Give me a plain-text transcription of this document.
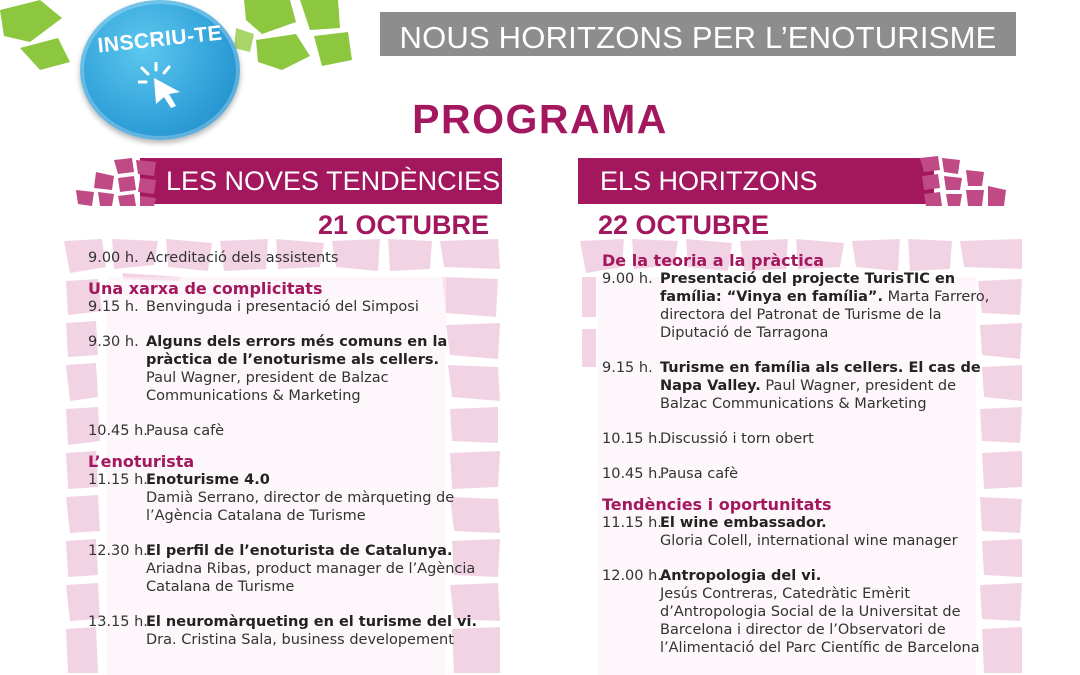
INSCRIU-TE	NOUS HORITZONS PER L’ENOTURISME
PROGRAMA
LES NOVES TENDÈNCIES
21 OCTUBRE
ELS HORITZONS
22 OCTUBRE
9.00 h. Acreditació dels assistents
Una xarxa de complicitats
9.15 h. Benvinguda i presentació del Simposi
9.30 h. Alguns dels errors més comuns en la pràctica de l’enoturisme als cellers.
Paul Wagner, president de Balzac Communications & Marketing
10.45 h.
Pausa cafè
L’enoturista
11.15 h.
Enoturisme 4.0
Damià Serrano, director de màrqueting de l’Agència Catalana de Turisme
12.30 h.
El perfil de l’enoturista de Catalunya.
Ariadna Ribas, product manager de l’Agència Catalana de Turisme
13.15 h.
El neuromàrqueting en el turisme del vi.
Dra. Cristina Sala, business developement
De la teoria a la pràctica
9.00 h. Presentació del projecte TurisTIC en família: “Vinya en família”. Marta Farrero, directora del Patronat de Turisme de la Diputació de Tarragona
9.15 h. Turisme en família als cellers. El cas de Napa Valley. Paul Wagner, president de Balzac Communications & Marketing
10.15 h.
Discussió i torn obert
10.45 h.
Pausa cafè
Tendències i oportunitats
11.15 h.
El wine embassador.
Gloria Colell, international wine manager
12.00 h.
Antropologia del vi.
Jesús Contreras, Catedràtic Emèrit d’Antropologia Social de la Universitat de Barcelona i director de l’Observatori de l’Alimentació del Parc Científic de Barcelona
